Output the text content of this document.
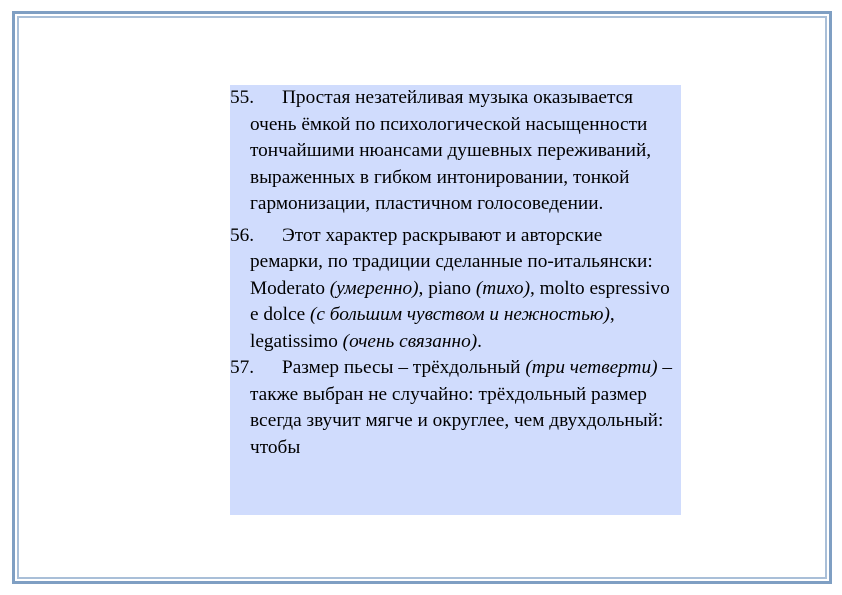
55. Простая незатейливая музыка оказывается очень ёмкой по психологической насыщенности тончайшими нюансами душевных переживаний, выраженных в гибком интонировании, тонкой гармонизации, пластичном голосоведении.

56. Этот характер раскрывают и авторские ремарки, по традиции сделанные по-итальянски: Moderato (умеренно), piano (тихо), molto espressivo e dolce (с большим чувством и нежностью), legatissimo (очень связанно).

57. Размер пьесы – трёхдольный (три четверти) – также выбран не случайно: трёхдольный размер всегда звучит мягче и округлее, чем двухдольный: чтобы
